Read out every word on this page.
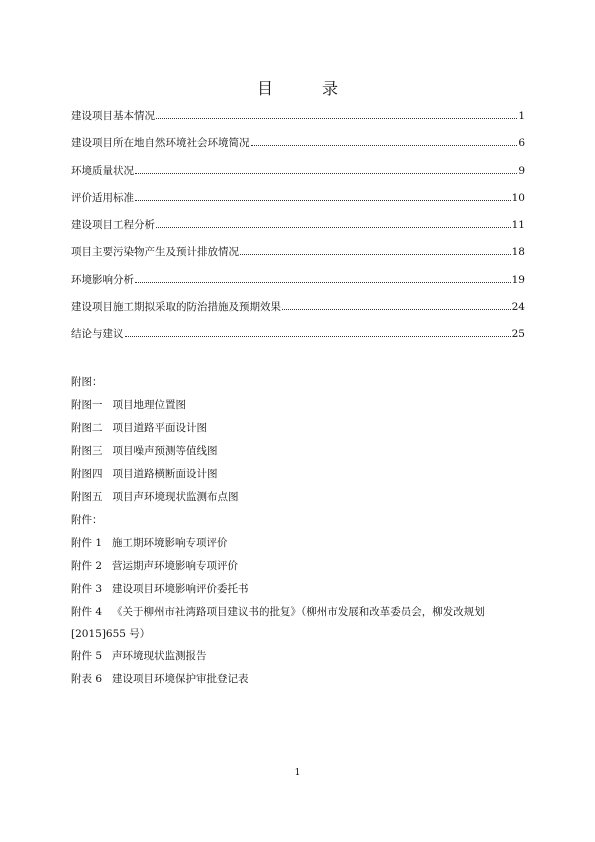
目 录
建设项目基本情况	1
建设项目所在地自然环境社会环境简况	6
环境质量状况	9
评价适用标准	10
建设项目工程分析	11
项目主要污染物产生及预计排放情况	18
环境影响分析	19
建设项目施工期拟采取的防治措施及预期效果	24
结论与建议	25
附图：
附图一 项目地理位置图
附图二 项目道路平面设计图
附图三 项目噪声预测等值线图
附图四 项目道路横断面设计图
附图五 项目声环境现状监测布点图
附件：
附件 1 施工期环境影响专项评价
附件 2 营运期声环境影响专项评价
附件 3 建设项目环境影响评价委托书
附件 4 《关于柳州市社湾路项目建议书的批复》（柳州市发展和改革委员会，柳发改规划[2015]655 号）
附件 5 声环境现状监测报告
附表 6 建设项目环境保护审批登记表
1
